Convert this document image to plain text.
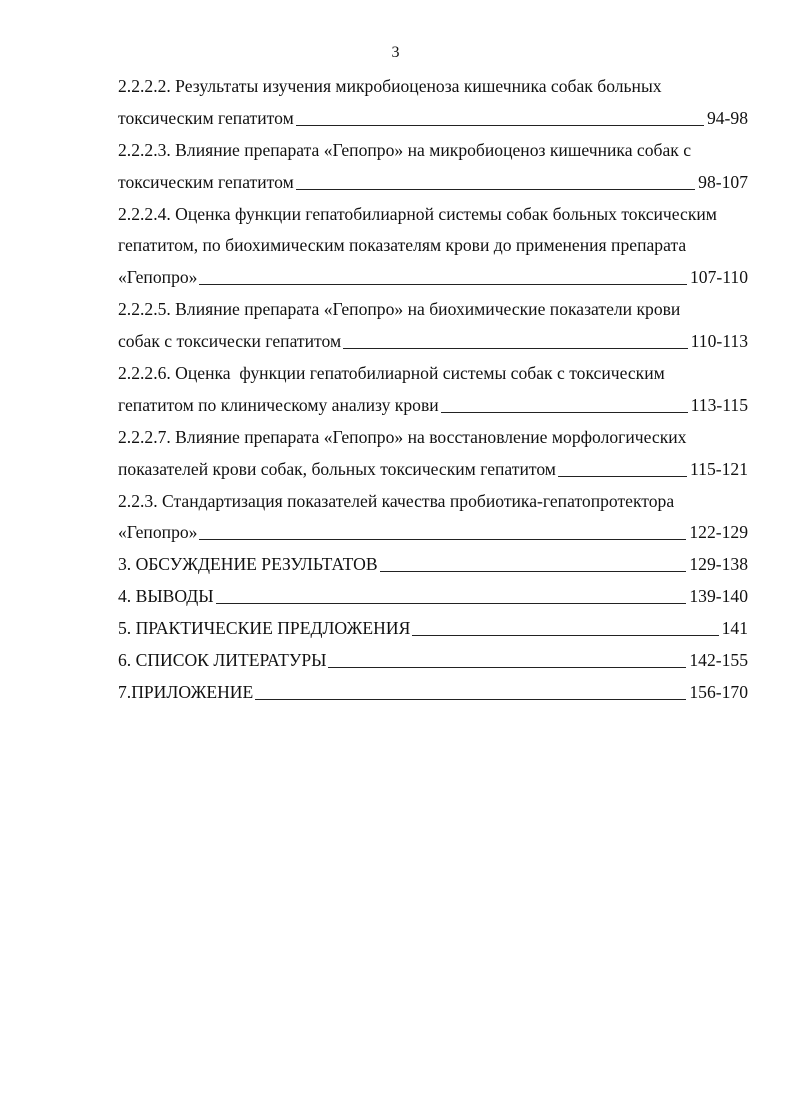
3
2.2.2.2. Результаты изучения микробиоценоза кишечника собак больных
токсическим гепатитом	94-98
2.2.2.3. Влияние препарата «Гепопро» на микробиоценоз кишечника собак с
токсическим гепатитом	98-107
2.2.2.4. Оценка функции гепатобилиарной системы собак больных токсическим
гепатитом, по биохимическим показателям крови до применения препарата
«Гепопро»	107-110
2.2.2.5. Влияние препарата «Гепопро» на биохимические показатели крови
собак с токсически гепатитом	110-113
2.2.2.6. Оценка  функции гепатобилиарной системы собак с токсическим
гепатитом по клиническому анализу крови	113-115
2.2.2.7. Влияние препарата «Гепопро» на восстановление морфологических
показателей крови собак, больных токсическим гепатитом	115-121
2.2.3. Стандартизация показателей качества пробиотика-гепатопротектора
«Гепопро»	122-129
3. ОБСУЖДЕНИЕ РЕЗУЛЬТАТОВ	129-138
4. ВЫВОДЫ	139-140
5. ПРАКТИЧЕСКИЕ ПРЕДЛОЖЕНИЯ	141
6. СПИСОК ЛИТЕРАТУРЫ	142-155
7.ПРИЛОЖЕНИЕ	156-170
